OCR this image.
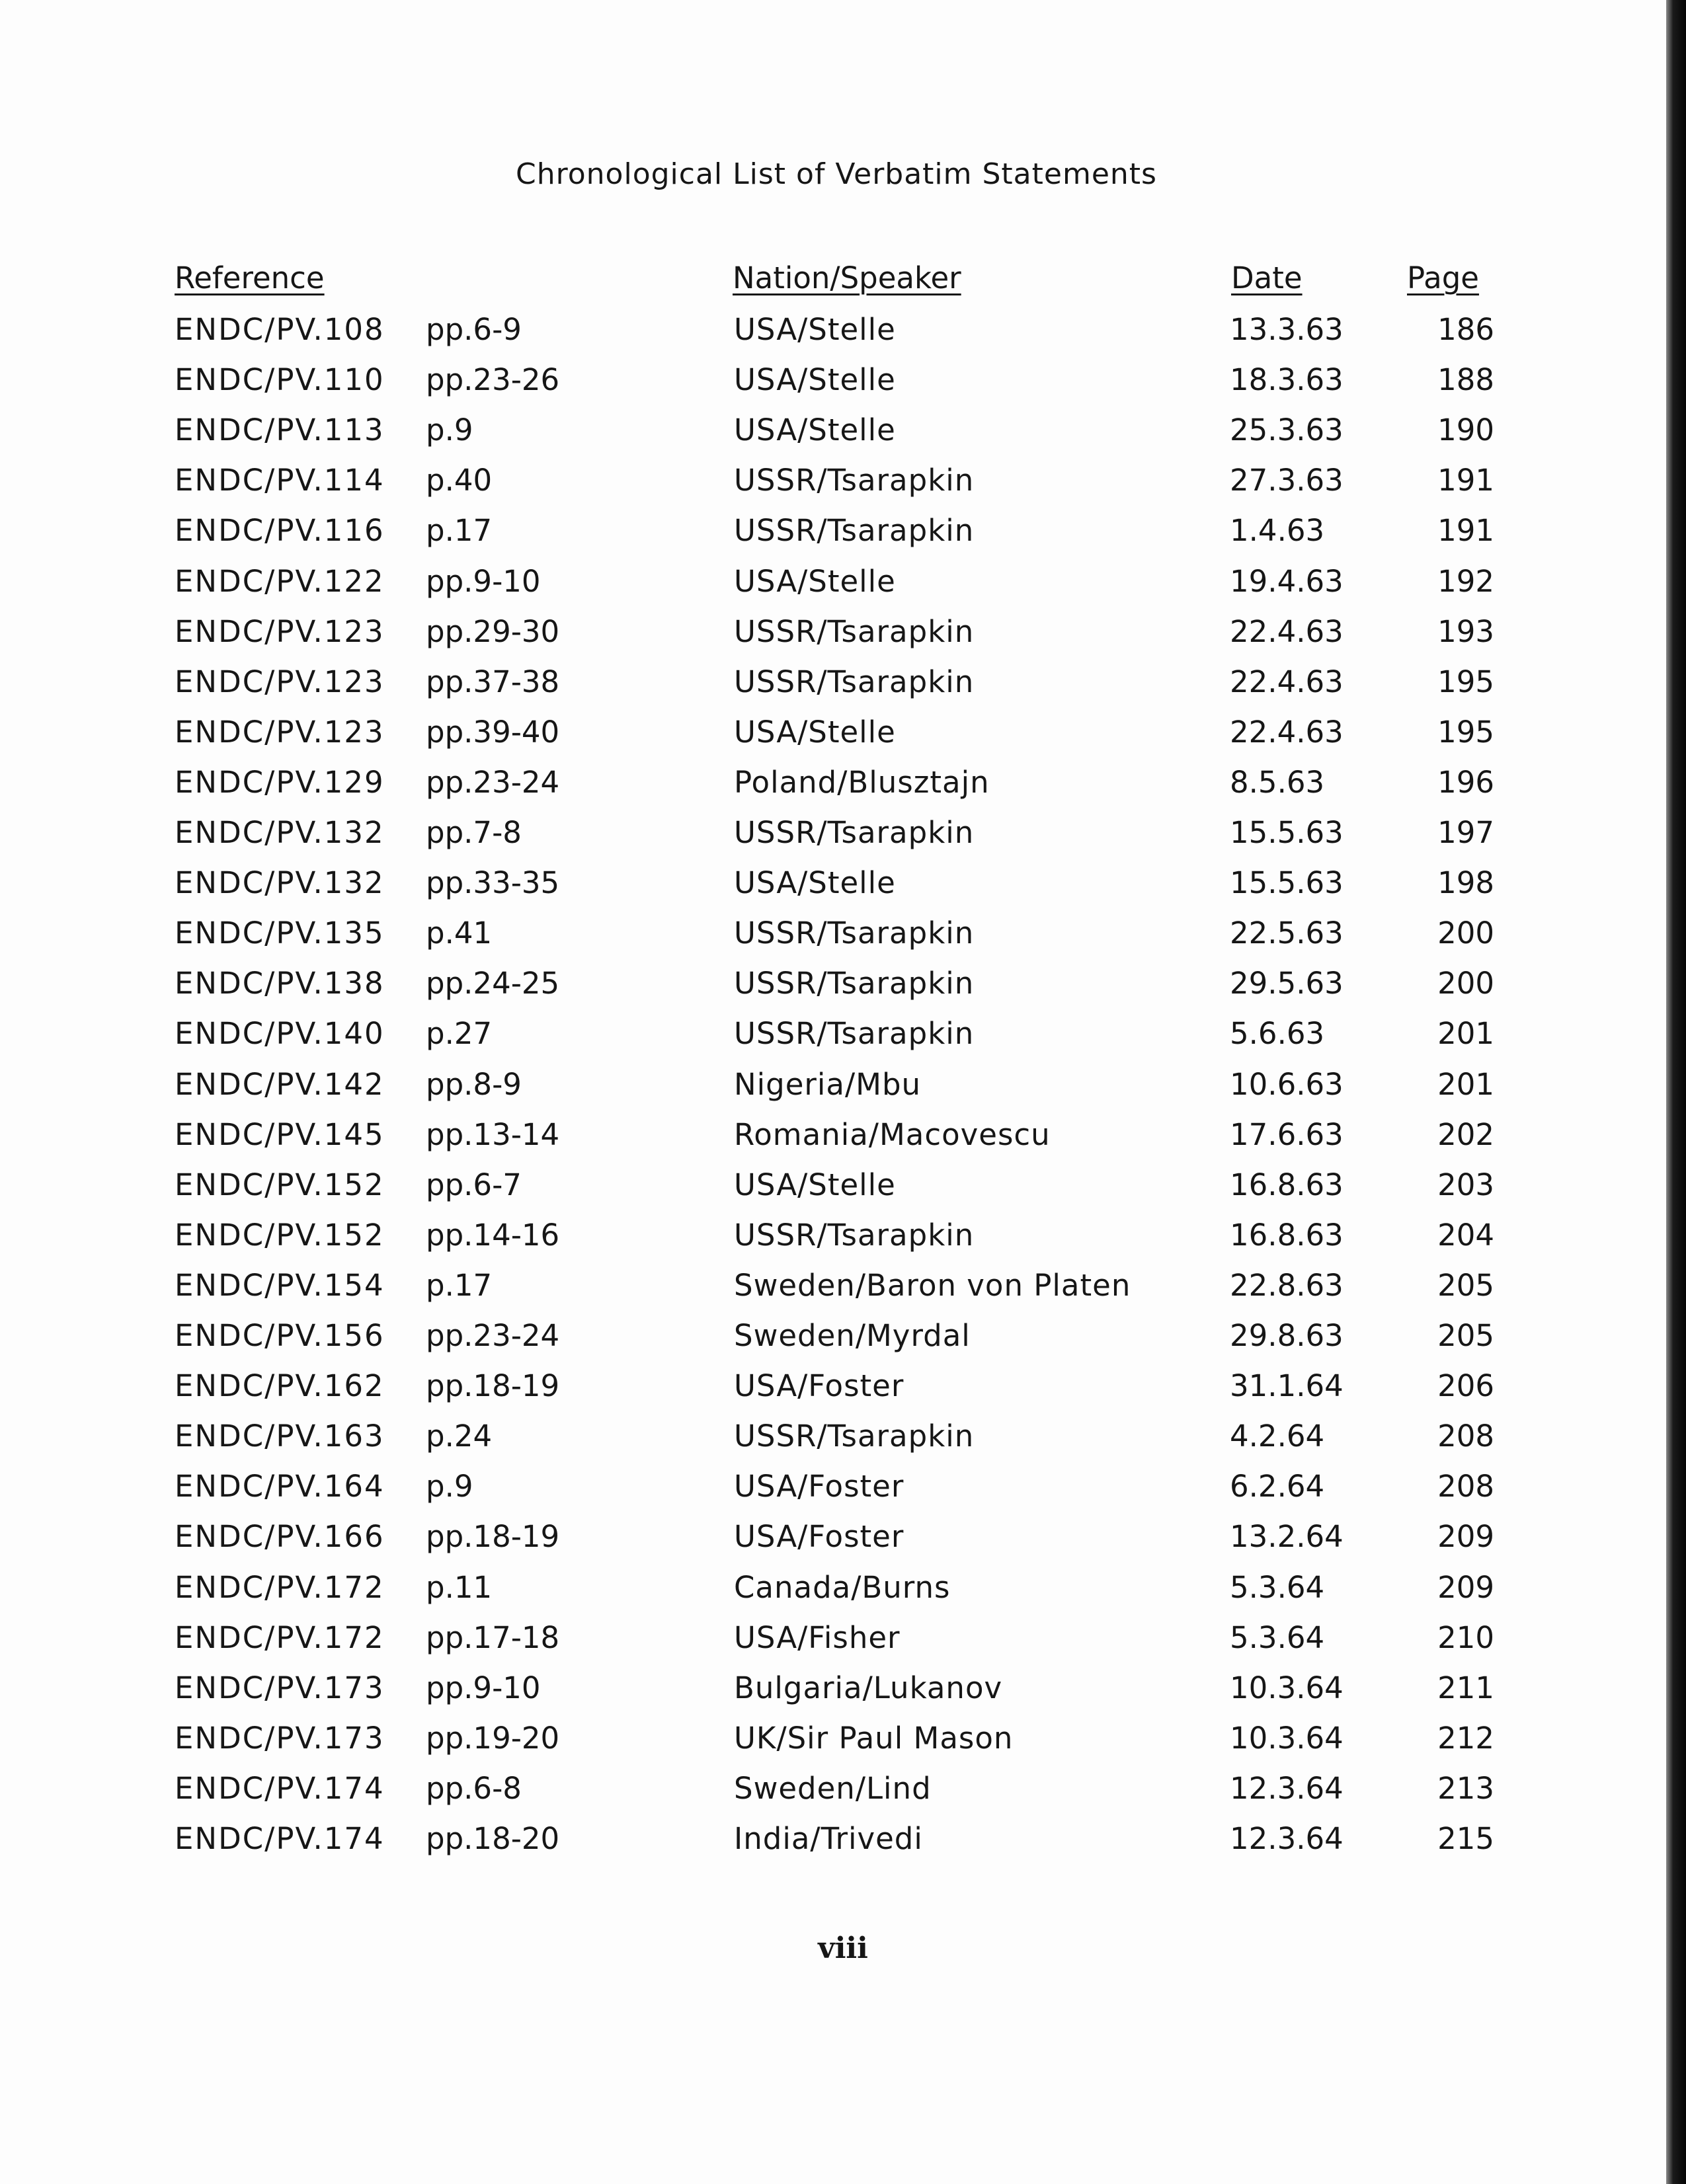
Chronological List of Verbatim Statements
Reference	Nation/Speaker	Date	Page
ENDC/PV.108 pp.6-9	USA/Stelle	13.3.63	186
ENDC/PV.110 pp.23-26	USA/Stelle	18.3.63	188
ENDC/PV.113 p.9	USA/Stelle	25.3.63	190
ENDC/PV.114 p.40	USSR/Tsarapkin	27.3.63	191
ENDC/PV.116 p.17	USSR/Tsarapkin	1.4.63	191
ENDC/PV.122 pp.9-10	USA/Stelle	19.4.63	192
ENDC/PV.123 pp.29-30	USSR/Tsarapkin	22.4.63	193
ENDC/PV.123 pp.37-38	USSR/Tsarapkin	22.4.63	195
ENDC/PV.123 pp.39-40	USA/Stelle	22.4.63	195
ENDC/PV.129 pp.23-24	Poland/Blusztajn	8.5.63	196
ENDC/PV.132 pp.7-8	USSR/Tsarapkin	15.5.63	197
ENDC/PV.132 pp.33-35	USA/Stelle	15.5.63	198
ENDC/PV.135 p.41	USSR/Tsarapkin	22.5.63	200
ENDC/PV.138 pp.24-25	USSR/Tsarapkin	29.5.63	200
ENDC/PV.140 p.27	USSR/Tsarapkin	5.6.63	201
ENDC/PV.142 pp.8-9	Nigeria/Mbu	10.6.63	201
ENDC/PV.145 pp.13-14	Romania/Macovescu	17.6.63	202
ENDC/PV.152 pp.6-7	USA/Stelle	16.8.63	203
ENDC/PV.152 pp.14-16	USSR/Tsarapkin	16.8.63	204
ENDC/PV.154 p.17	Sweden/Baron von Platen	22.8.63	205
ENDC/PV.156 pp.23-24	Sweden/Myrdal	29.8.63	205
ENDC/PV.162 pp.18-19	USA/Foster	31.1.64	206
ENDC/PV.163 p.24	USSR/Tsarapkin	4.2.64	208
ENDC/PV.164 p.9	USA/Foster	6.2.64	208
ENDC/PV.166 pp.18-19	USA/Foster	13.2.64	209
ENDC/PV.172 p.11	Canada/Burns	5.3.64	209
ENDC/PV.172 pp.17-18	USA/Fisher	5.3.64	210
ENDC/PV.173 pp.9-10	Bulgaria/Lukanov	10.3.64	211
ENDC/PV.173 pp.19-20	UK/Sir Paul Mason	10.3.64	212
ENDC/PV.174 pp.6-8	Sweden/Lind	12.3.64	213
ENDC/PV.174 pp.18-20	India/Trivedi	12.3.64	215
viii
